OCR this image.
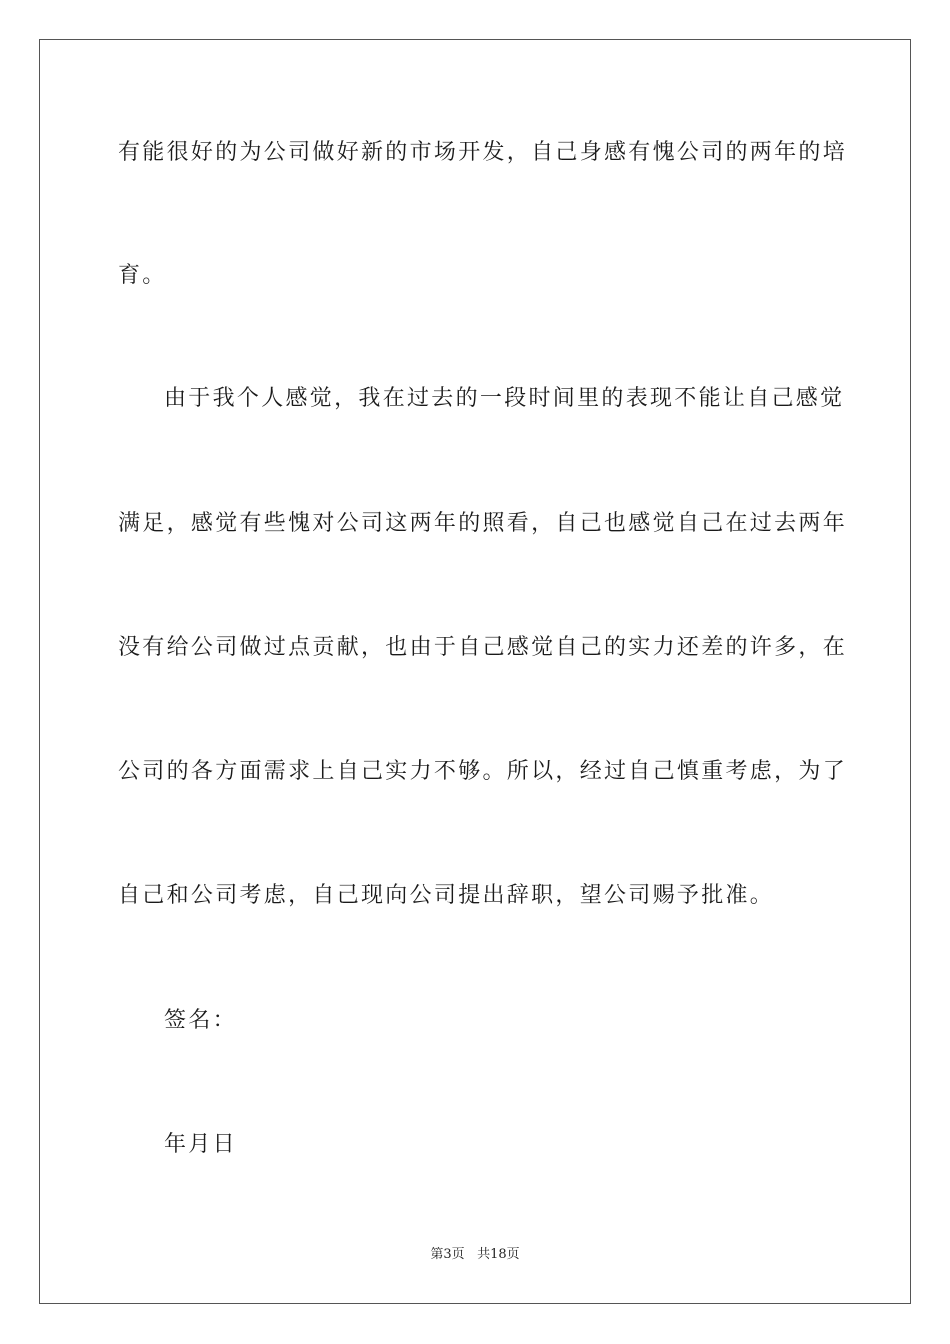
有能很好的为公司做好新的市场开发，自己身感有愧公司的两年的培
育。
由于我个人感觉，我在过去的一段时间里的表现不能让自己感觉
满足，感觉有些愧对公司这两年的照看，自己也感觉自己在过去两年
没有给公司做过点贡献，也由于自己感觉自己的实力还差的许多，在
公司的各方面需求上自己实力不够。所以，经过自己慎重考虑，为了
自己和公司考虑，自己现向公司提出辞职，望公司赐予批准。
签名：
年月日
第3页 共18页
